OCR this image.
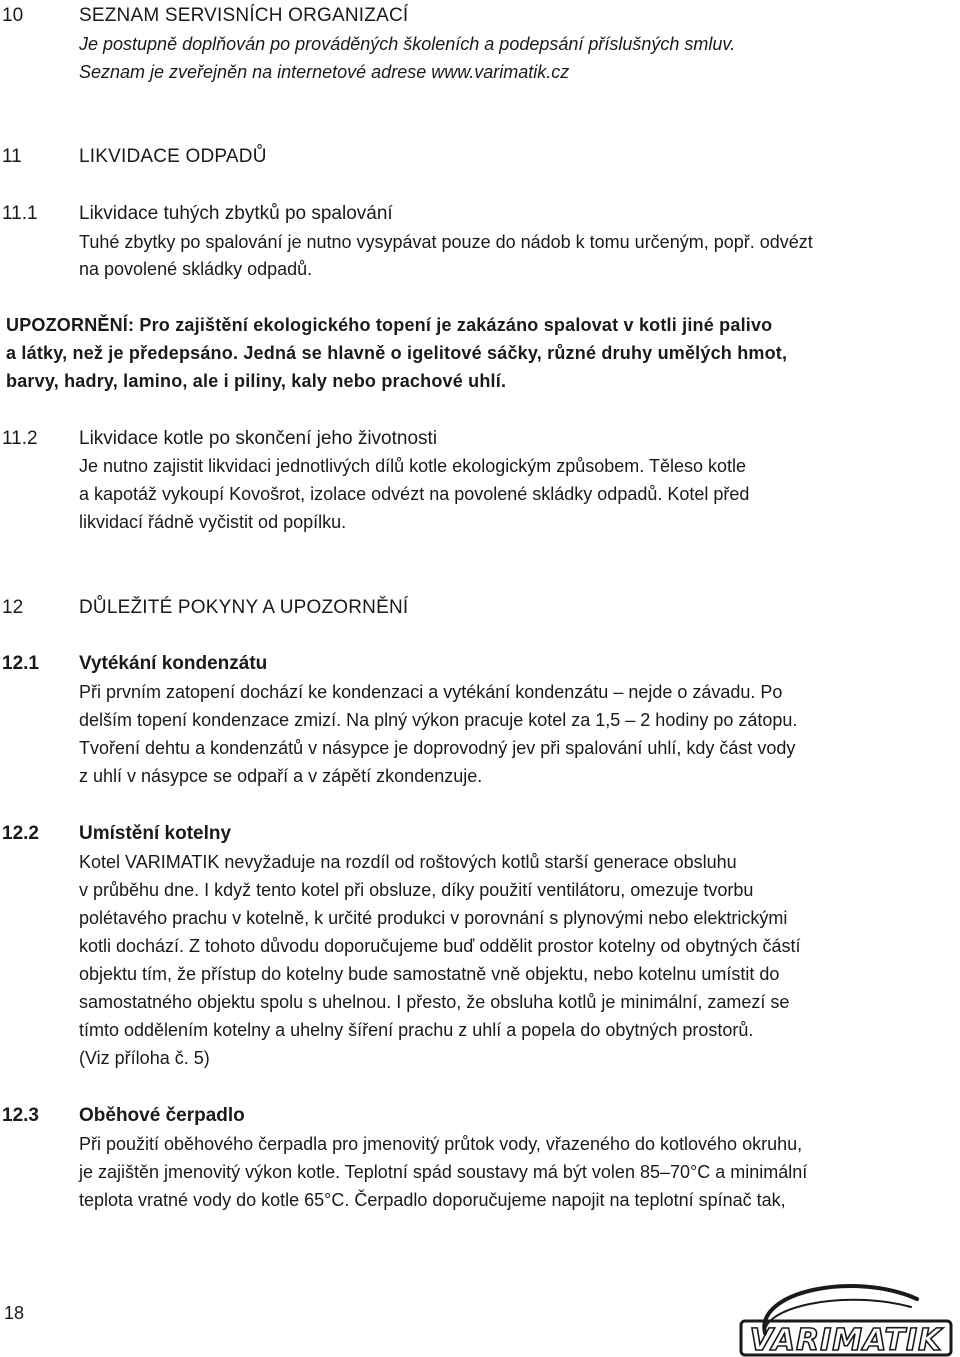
10	SEZNAM SERVISNÍCH ORGANIZACÍ
Je postupně doplňován po prováděných školeních a podepsání příslušných smluv.
Seznam je zveřejněn na internetové adrese www.varimatik.cz
11	LIKVIDACE ODPADŮ
11.1 Likvidace tuhých zbytků po spalování
Tuhé zbytky po spalování je nutno vysypávat pouze do nádob k tomu určeným, popř. odvézt
na povolené skládky odpadů.
UPOZORNĚNÍ: Pro zajištění ekologického topení je zakázáno spalovat v kotli jiné palivo
a látky, než je předepsáno. Jedná se hlavně o igelitové sáčky, různé druhy umělých hmot,
barvy, hadry, lamino, ale i piliny, kaly nebo prachové uhlí.
11.2 Likvidace kotle po skončení jeho životnosti
Je nutno zajistit likvidaci jednotlivých dílů kotle ekologickým způsobem. Těleso kotle
a kapotáž vykoupí Kovošrot, izolace odvézt na povolené skládky odpadů. Kotel před
likvidací řádně vyčistit od popílku.
12	DŮLEŽITÉ POKYNY A UPOZORNĚNÍ
12.1 Vytékání kondenzátu
Při prvním zatopení dochází ke kondenzaci a vytékání kondenzátu – nejde o závadu. Po
delším topení kondenzace zmizí. Na plný výkon pracuje kotel za 1,5 – 2 hodiny po zátopu.
Tvoření dehtu a kondenzátů v násypce je doprovodný jev při spalování uhlí, kdy část vody
z uhlí v násypce se odpaří a v zápětí zkondenzuje.
12.2 Umístění kotelny
Kotel VARIMATIK nevyžaduje na rozdíl od roštových kotlů starší generace obsluhu
v průběhu dne. I když tento kotel při obsluze, díky použití ventilátoru, omezuje tvorbu
polétavého prachu v kotelně, k určité produkci v porovnání s plynovými nebo elektrickými
kotli dochází. Z tohoto důvodu doporučujeme buď oddělit prostor kotelny od obytných částí
objektu tím, že přístup do kotelny bude samostatně vně objektu, nebo kotelnu umístit do
samostatného objektu spolu s uhelnou. I přesto, že obsluha kotlů je minimální, zamezí se
tímto oddělením kotelny a uhelny šíření prachu z uhlí a popela do obytných prostorů.
(Viz příloha č. 5)
12.3 Oběhové čerpadlo
Při použití oběhového čerpadla pro jmenovitý průtok vody, vřazeného do kotlového okruhu,
je zajištěn jmenovitý výkon kotle. Teplotní spád soustavy má být volen 85–70°C a minimální
teplota vratné vody do kotle 65°C. Čerpadlo doporučujeme napojit na teplotní spínač tak,
18
VARIMATIK
